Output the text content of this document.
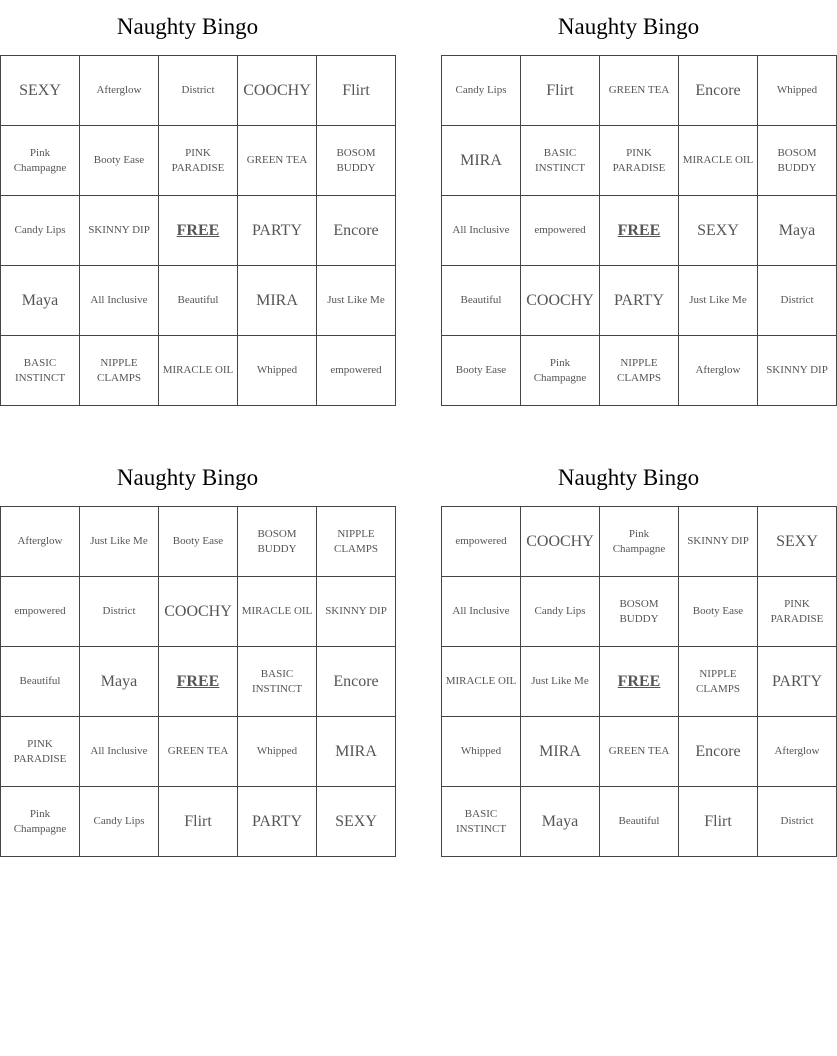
Naughty Bingo
SEXY	Afterglow	District	COOCHY	Flirt
Pink Champagne	Booty Ease	PINK PARADISE	GREEN TEA	BOSOM BUDDY
Candy Lips	SKINNY DIP	FREE	PARTY	Encore
Maya	All Inclusive	Beautiful	MIRA	Just Like Me
BASIC INSTINCT	NIPPLE CLAMPS	MIRACLE OIL	Whipped	empowered
Naughty Bingo
Candy Lips	Flirt	GREEN TEA	Encore	Whipped
MIRA	BASIC INSTINCT	PINK PARADISE	MIRACLE OIL	BOSOM BUDDY
All Inclusive	empowered	FREE	SEXY	Maya
Beautiful	COOCHY	PARTY	Just Like Me	District
Booty Ease	Pink Champagne	NIPPLE CLAMPS	Afterglow	SKINNY DIP
Naughty Bingo
Afterglow	Just Like Me	Booty Ease	BOSOM BUDDY	NIPPLE CLAMPS
empowered	District	COOCHY	MIRACLE OIL	SKINNY DIP
Beautiful	Maya	FREE	BASIC INSTINCT	Encore
PINK PARADISE	All Inclusive	GREEN TEA	Whipped	MIRA
Pink Champagne	Candy Lips	Flirt	PARTY	SEXY
Naughty Bingo
empowered	COOCHY	Pink Champagne	SKINNY DIP	SEXY
All Inclusive	Candy Lips	BOSOM BUDDY	Booty Ease	PINK PARADISE
MIRACLE OIL	Just Like Me	FREE	NIPPLE CLAMPS	PARTY
Whipped	MIRA	GREEN TEA	Encore	Afterglow
BASIC INSTINCT	Maya	Beautiful	Flirt	District
